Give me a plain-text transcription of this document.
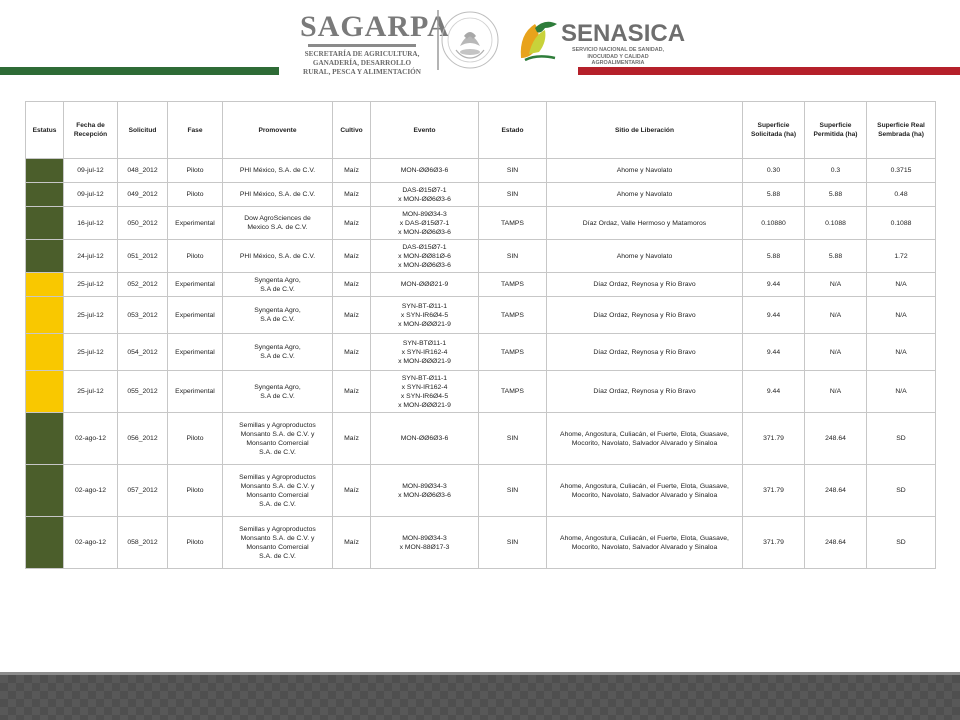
SAGARPA
SECRETARÍA DE AGRICULTURA, GANADERÍA, DESARROLLO RURAL, PESCA Y ALIMENTACIÓN
SENASICA
SERVICIO NACIONAL DE SANIDAD, INOCUIDAD Y CALIDAD AGROALIMENTARIA
Estatus	Fecha de Recepción	Solicitud	Fase	Promovente	Cultivo	Evento	Estado	Sitio de Liberación	Superficie Solicitada (ha)	Superficie Permitida (ha)	Superficie Real Sembrada (ha)
	09-jul-12	048_2012	Piloto	PHI México, S.A. de C.V.	Maíz	MON-ØØ6Ø3-6	SIN	Ahome y Navolato	0.30	0.3	0.3715
	09-jul-12	049_2012	Piloto	PHI México, S.A. de C.V.	Maíz	DAS-Ø15Ø7-1
x MON-ØØ6Ø3-6	SIN	Ahome y Navolato	5.88	5.88	0.48
	16-jul-12	050_2012	Experimental	Dow AgroSciences de
Mexico S.A. de C.V.	Maíz	MON-89Ø34-3
x DAS-Ø15Ø7-1
x MON-ØØ6Ø3-6	TAMPS	Díaz Ordaz, Valle Hermoso y Matamoros	0.10880	0.1088	0.1088
	24-jul-12	051_2012	Piloto	PHI México, S.A. de C.V.	Maíz	DAS-Ø15Ø7-1
x MON-ØØ81Ø-6
x MON-ØØ6Ø3-6	SIN	Ahome y Navolato	5.88	5.88	1.72
	25-jul-12	052_2012	Experimental	Syngenta Agro,
S.A de C.V.	Maíz	MON-ØØØ21-9	TAMPS	Díaz Ordaz, Reynosa y Río Bravo	9.44	N/A	N/A
	25-jul-12	053_2012	Experimental	Syngenta Agro,
S.A de C.V.	Maíz	SYN-BT-Ø11-1
x SYN-IR6Ø4-5
x MON-ØØØ21-9	TAMPS	Díaz Ordaz, Reynosa y Río Bravo	9.44	N/A	N/A
	25-jul-12	054_2012	Experimental	Syngenta Agro,
S.A de C.V.	Maíz	SYN-BTØ11-1
x SYN-IR162-4
x MON-ØØØ21-9	TAMPS	Díaz Ordaz, Reynosa y Río Bravo	9.44	N/A	N/A
	25-jul-12	055_2012	Experimental	Syngenta Agro,
S.A de C.V.	Maíz	SYN-BT-Ø11-1
x SYN-IR162-4
x SYN-IR6Ø4-5
x MON-ØØØ21-9	TAMPS	Díaz Ordaz, Reynosa y Río Bravo	9.44	N/A	N/A
	02-ago-12	056_2012	Piloto	Semillas y Agroproductos
Monsanto S.A. de C.V. y
Monsanto Comercial
S.A. de C.V.	Maíz	MON-ØØ6Ø3-6	SIN	Ahome, Angostura, Culiacán, el Fuerte, Elota, Guasave, Mocorito, Navolato, Salvador Alvarado y Sinaloa	371.79	248.64	SD
	02-ago-12	057_2012	Piloto	Semillas y Agroproductos
Monsanto S.A. de C.V. y
Monsanto Comercial
S.A. de C.V.	Maíz	MON-89Ø34-3
x MON-ØØ6Ø3-6	SIN	Ahome, Angostura, Culiacán, el Fuerte, Elota, Guasave, Mocorito, Navolato, Salvador Alvarado y Sinaloa	371.79	248.64	SD
	02-ago-12	058_2012	Piloto	Semillas y Agroproductos
Monsanto S.A. de C.V. y
Monsanto Comercial
S.A. de C.V.	Maíz	MON-89Ø34-3
x MON-88Ø17-3	SIN	Ahome, Angostura, Culiacán, el Fuerte, Elota, Guasave, Mocorito, Navolato, Salvador Alvarado y Sinaloa	371.79	248.64	SD
